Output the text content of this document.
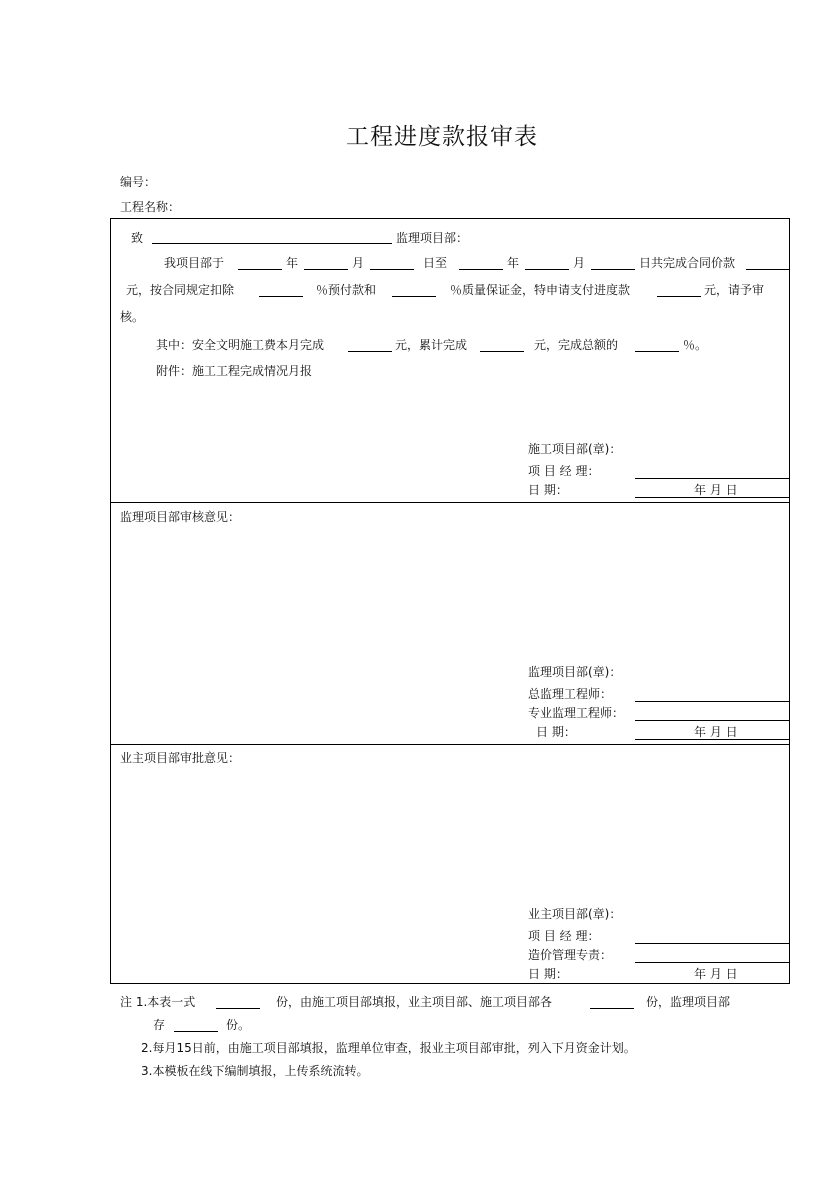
工程进度款报审表
编号：
工程名称：
致	监理项目部：
我项目部于	年	月	日至	年	月	日共完成合同价款
元，按合同规定扣除	％预付款和	％质量保证金，特申请支付进度款	元，请予审
核。
其中：安全文明施工费本月完成	元，累计完成	元，完成总额的	％。
附件：施工工程完成情况月报
施工项目部(章)：
项 目 经 理：
日 期：	年 月 日
监理项目部审核意见：
监理项目部(章)：
总监理工程师：
专业监理工程师：
日 期：	年 月 日
业主项目部审批意见：
业主项目部(章)：
项 目 经 理：
造价管理专责：
日 期：	年 月 日
注 1.本表一式	份，由施工项目部填报，业主项目部、施工项目部各	份，监理项目部
存	份。
2.每月15日前，由施工项目部填报，监理单位审查，报业主项目部审批，列入下月资金计划。
3.本模板在线下编制填报，上传系统流转。
